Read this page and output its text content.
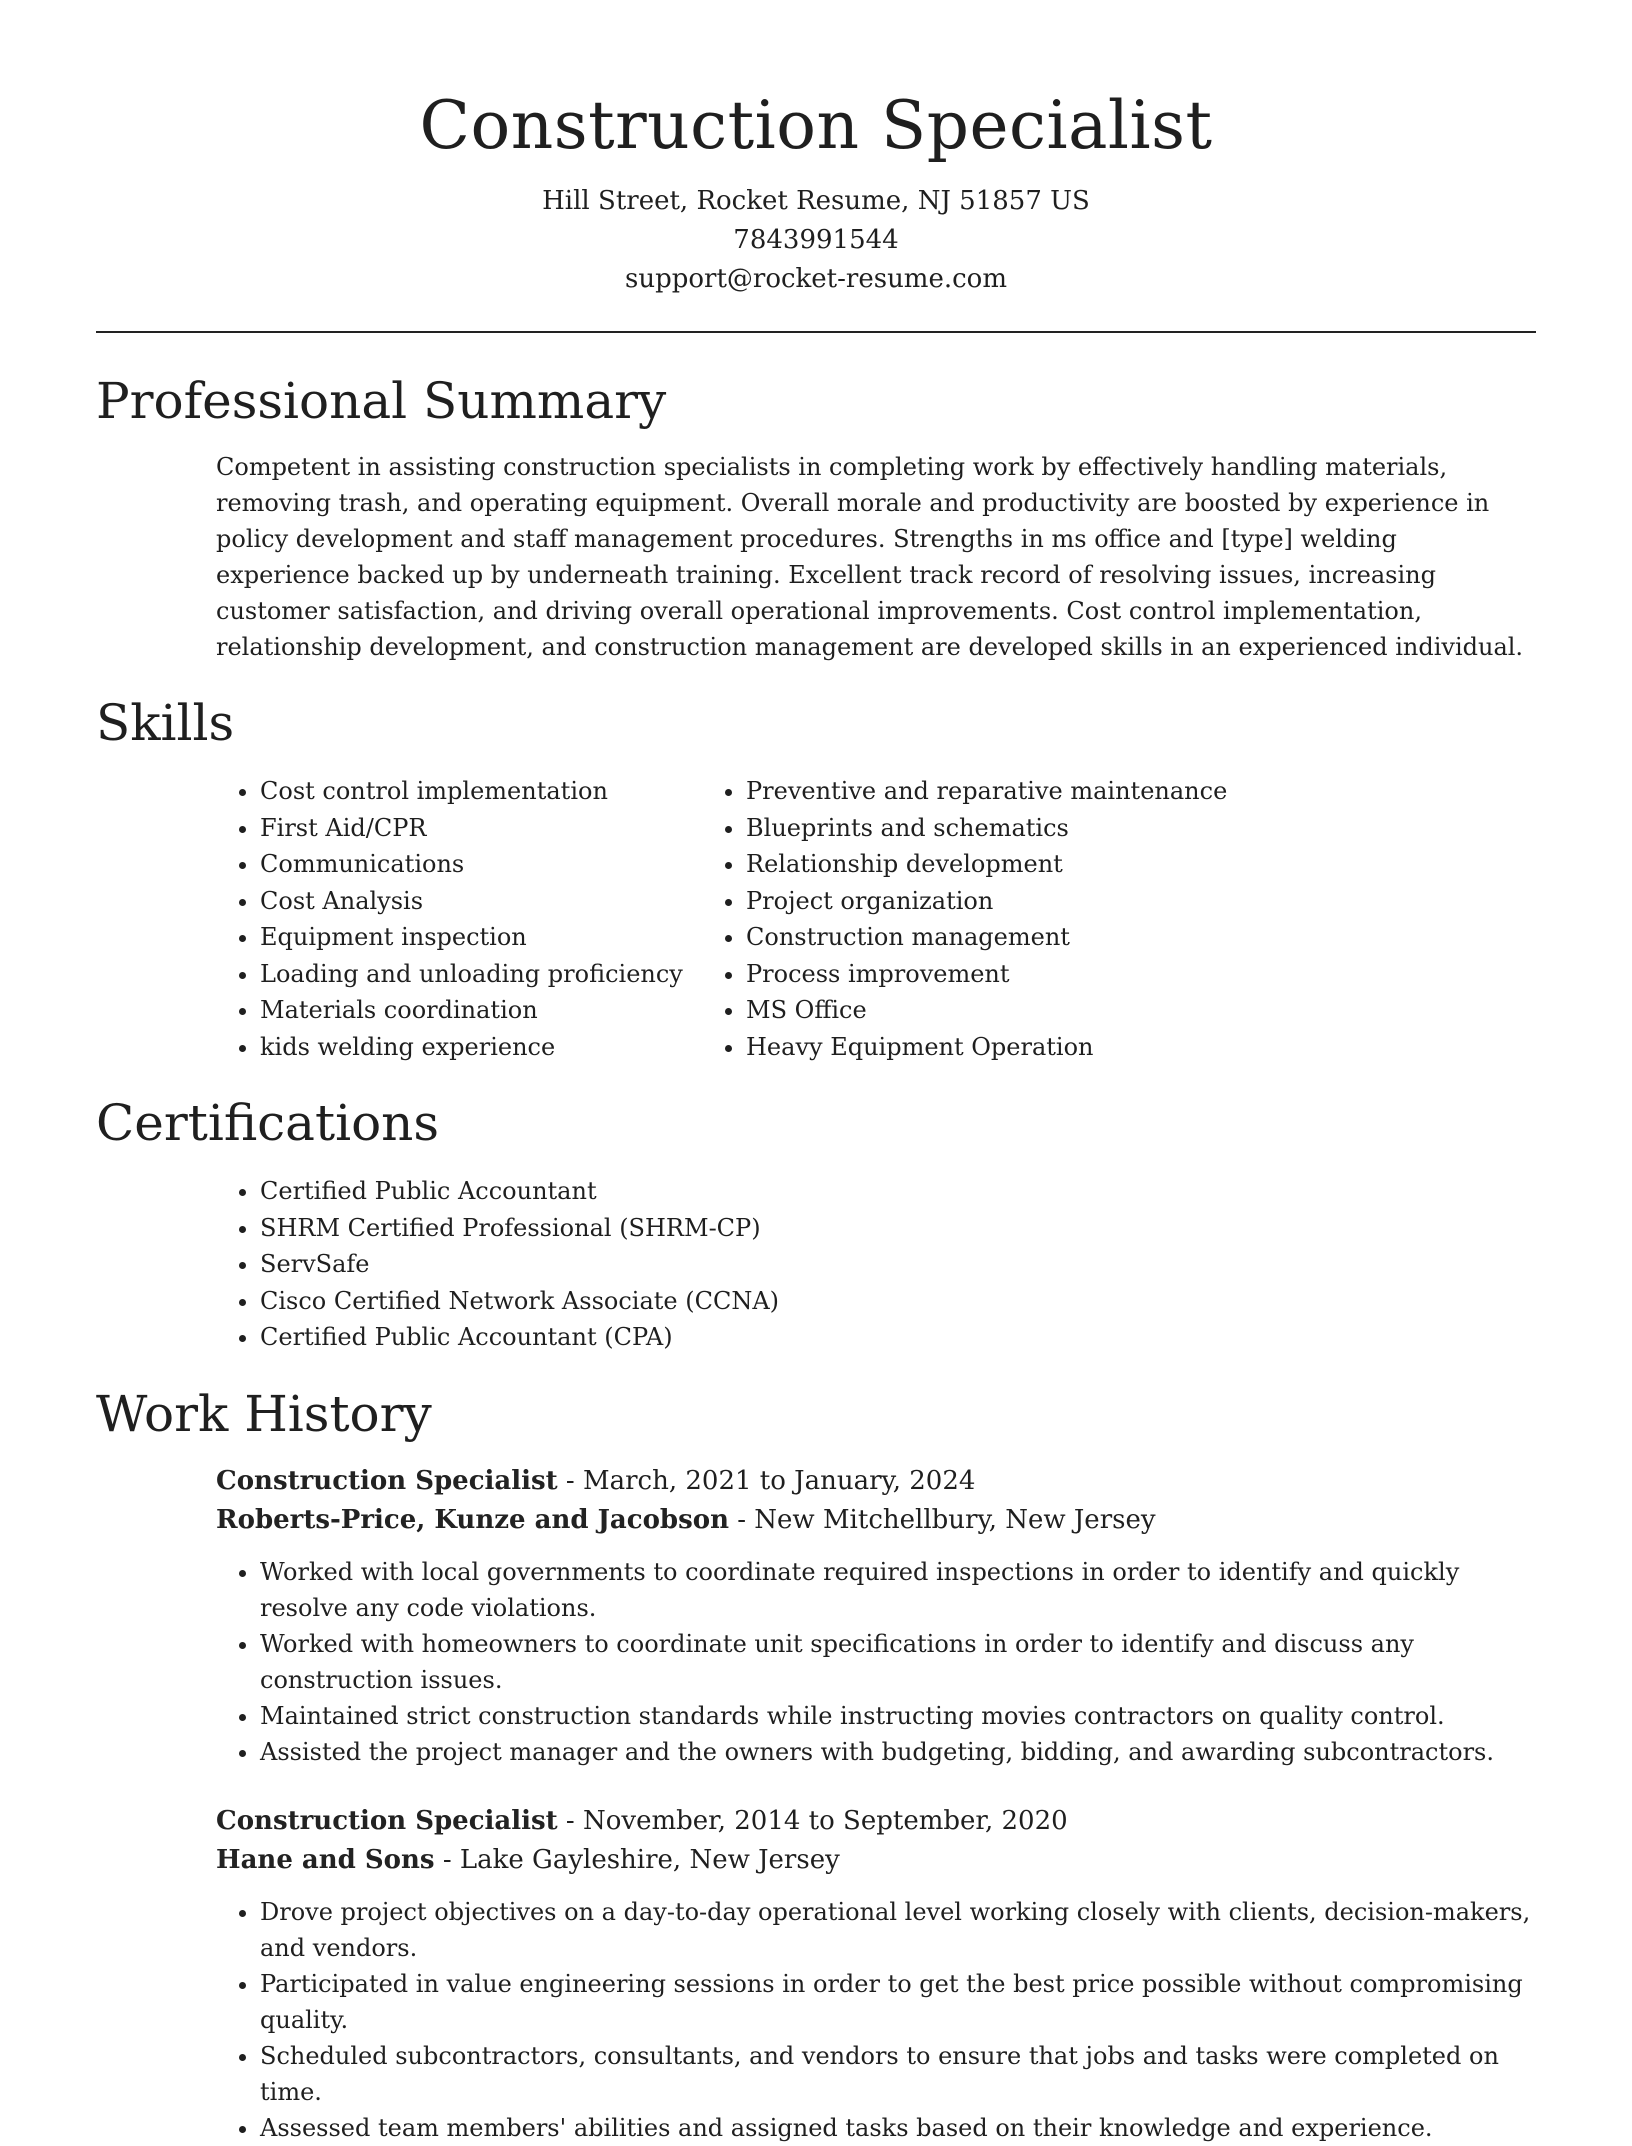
Construction Specialist
Hill Street, Rocket Resume, NJ 51857 US
7843991544
support@rocket-resume.com
Professional Summary

Competent in assisting construction specialists in completing work by effectively handling materials, removing trash, and operating equipment. Overall morale and productivity are boosted by experience in policy development and staff management procedures. Strengths in ms office and [type] welding experience backed up by underneath training. Excellent track record of resolving issues, increasing customer satisfaction, and driving overall operational improvements. Cost control implementation, relationship development, and construction management are developed skills in an experienced individual.

Skills
• Cost control implementation
• First Aid/CPR
• Communications
• Cost Analysis
• Equipment inspection
• Loading and unloading proficiency
• Materials coordination
• kids welding experience
• Preventive and reparative maintenance
• Blueprints and schematics
• Relationship development
• Project organization
• Construction management
• Process improvement
• MS Office
• Heavy Equipment Operation
Certifications
• Certified Public Accountant
• SHRM Certified Professional (SHRM-CP)
• ServSafe
• Cisco Certified Network Associate (CCNA)
• Certified Public Accountant (CPA)
Work History
Construction Specialist - March, 2021 to January, 2024
Roberts-Price, Kunze and Jacobson - New Mitchellbury, New Jersey
• Worked with local governments to coordinate required inspections in order to identify and quickly resolve any code violations.
• Worked with homeowners to coordinate unit specifications in order to identify and discuss any construction issues.
• Maintained strict construction standards while instructing movies contractors on quality control.
• Assisted the project manager and the owners with budgeting, bidding, and awarding subcontractors.
Construction Specialist - November, 2014 to September, 2020
Hane and Sons - Lake Gayleshire, New Jersey
• Drove project objectives on a day-to-day operational level working closely with clients, decision-makers, and vendors.
• Participated in value engineering sessions in order to get the best price possible without compromising quality.
• Scheduled subcontractors, consultants, and vendors to ensure that jobs and tasks were completed on time.
• Assessed team members' abilities and assigned tasks based on their knowledge and experience.
